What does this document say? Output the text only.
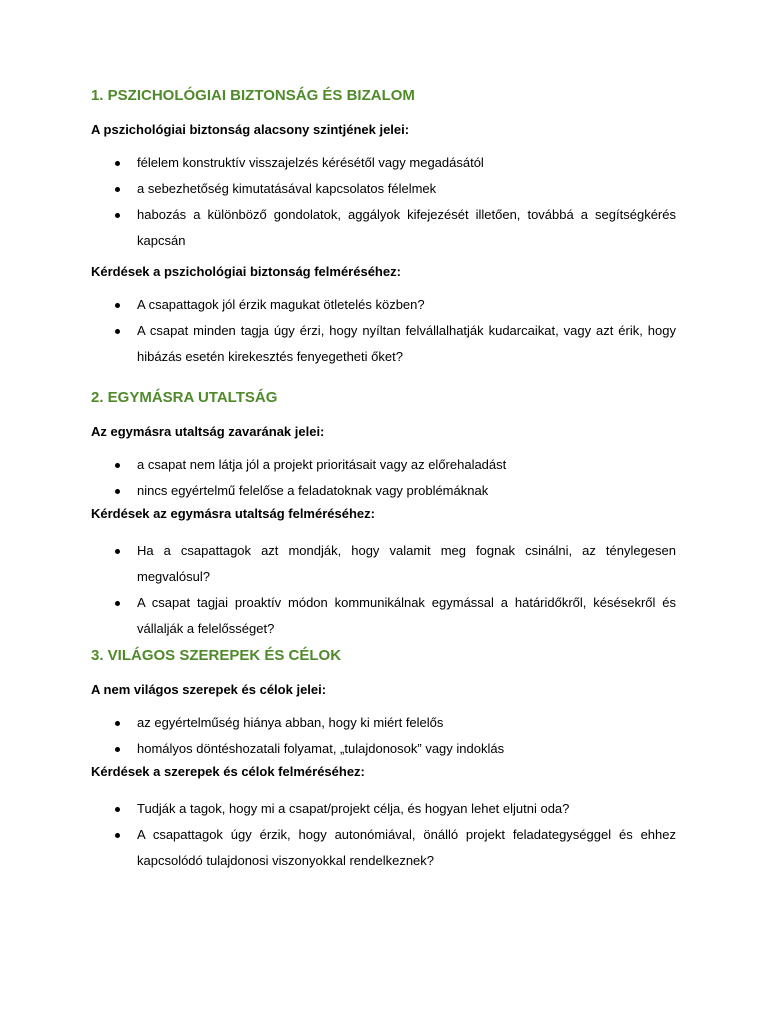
1. PSZICHOLÓGIAI BIZTONSÁG ÉS BIZALOM
A pszichológiai biztonság alacsony szintjének jelei:
félelem konstruktív visszajelzés kérésétől vagy megadásától
a sebezhetőség kimutatásával kapcsolatos félelmek
habozás a különböző gondolatok, aggályok kifejezését illetően, továbbá a segítségkérés kapcsán
Kérdések a pszichológiai biztonság felméréséhez:
A csapattagok jól érzik magukat ötletelés közben?
A csapat minden tagja úgy érzi, hogy nyíltan felvállalhatják kudarcaikat, vagy azt érik, hogy hibázás esetén kirekesztés fenyegetheti őket?
2. EGYMÁSRA UTALTSÁG
Az egymásra utaltság zavarának jelei:
a csapat nem látja jól a projekt prioritásait vagy az előrehaladást
nincs egyértelmű felelőse a feladatoknak vagy problémáknak
Kérdések az egymásra utaltság felméréséhez:
Ha a csapattagok azt mondják, hogy valamit meg fognak csinálni, az ténylegesen megvalósul?
A csapat tagjai proaktív módon kommunikálnak egymással a határidőkről, késésekről és vállalják a felelősséget?
3. VILÁGOS SZEREPEK ÉS CÉLOK
A nem világos szerepek és célok jelei:
az egyértelműség hiánya abban, hogy ki miért felelős
homályos döntéshozatali folyamat, „tulajdonosok” vagy indoklás
Kérdések a szerepek és célok felméréséhez:
Tudják a tagok, hogy mi a csapat/projekt célja, és hogyan lehet eljutni oda?
A csapattagok úgy érzik, hogy autonómiával, önálló projekt feladategységgel és ehhez kapcsolódó tulajdonosi viszonyokkal rendelkeznek?
